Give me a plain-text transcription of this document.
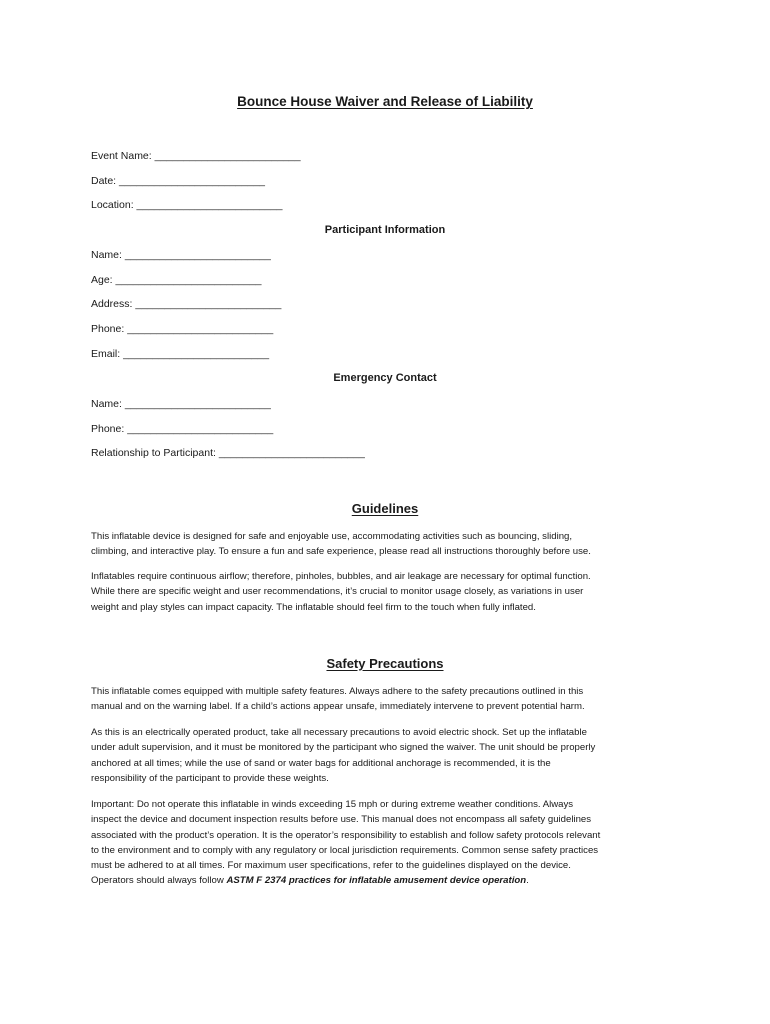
Bounce House Waiver and Release of Liability
Event Name: _________________________
Date: _________________________
Location: _________________________
Participant Information
Name: _________________________
Age: _________________________
Address: _________________________
Phone: _________________________
Email: _________________________
Emergency Contact
Name: _________________________
Phone: _________________________
Relationship to Participant: _________________________
Guidelines
This inflatable device is designed for safe and enjoyable use, accommodating activities such as bouncing, sliding,
climbing, and interactive play. To ensure a fun and safe experience, please read all instructions thoroughly before use.
Inflatables require continuous airflow; therefore, pinholes, bubbles, and air leakage are necessary for optimal function.
While there are specific weight and user recommendations, it’s crucial to monitor usage closely, as variations in user
weight and play styles can impact capacity. The inflatable should feel firm to the touch when fully inflated.
Safety Precautions
This inflatable comes equipped with multiple safety features. Always adhere to the safety precautions outlined in this
manual and on the warning label. If a child’s actions appear unsafe, immediately intervene to prevent potential harm.
As this is an electrically operated product, take all necessary precautions to avoid electric shock. Set up the inflatable
under adult supervision, and it must be monitored by the participant who signed the waiver. The unit should be properly
anchored at all times; while the use of sand or water bags for additional anchorage is recommended, it is the
responsibility of the participant to provide these weights.
Important: Do not operate this inflatable in winds exceeding 15 mph or during extreme weather conditions. Always
inspect the device and document inspection results before use. This manual does not encompass all safety guidelines
associated with the product’s operation. It is the operator’s responsibility to establish and follow safety protocols relevant
to the environment and to comply with any regulatory or local jurisdiction requirements. Common sense safety practices
must be adhered to at all times. For maximum user specifications, refer to the guidelines displayed on the device.
Operators should always follow ASTM F 2374 practices for inflatable amusement device operation.
